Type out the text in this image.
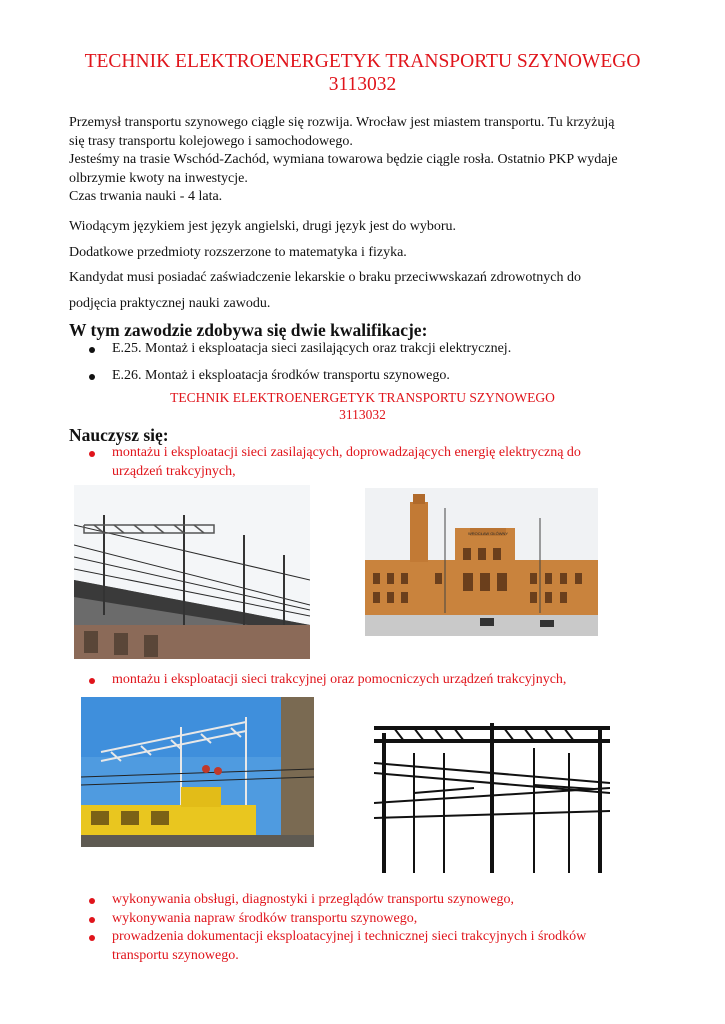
TECHNIK ELEKTROENERGETYK TRANSPORTU SZYNOWEGO
3113032

Przemysł transportu szynowego ciągle się rozwija. Wrocław jest miastem transportu. Tu krzyżują

się trasy transportu kolejowego i samochodowego.

Jesteśmy na trasie Wschód-Zachód, wymiana towarowa będzie ciągle rosła. Ostatnio PKP wydaje

olbrzymie kwoty na inwestycje.

Czas trwania nauki - 4 lata.

Wiodącym językiem jest język angielski, drugi język jest do wyboru.
Dodatkowe przedmioty rozszerzone to matematyka i fizyka.
Kandydat musi posiadać zaświadczenie lekarskie o braku przeciwwskazań zdrowotnych do
podjęcia praktycznej nauki zawodu.
W tym zawodzie zdobywa się dwie kwalifikacje:
E.25. Montaż i eksploatacja sieci zasilających oraz trakcji elektrycznej.
E.26. Montaż i eksploatacja środków transportu szynowego.
TECHNIK ELEKTROENERGETYK TRANSPORTU SZYNOWEGO
3113032
Nauczysz się:
montażu i eksploatacji sieci zasilających, doprowadzających energię elektryczną do
urządzeń trakcyjnych,
WROCŁAW GŁÓWNY
montażu i eksploatacji sieci trakcyjnej oraz pomocniczych urządzeń trakcyjnych,
wykonywania obsługi, diagnostyki i przeglądów transportu szynowego,
wykonywania napraw środków transportu szynowego,
prowadzenia dokumentacji eksploatacyjnej i technicznej sieci trakcyjnych i środków
transportu szynowego.
